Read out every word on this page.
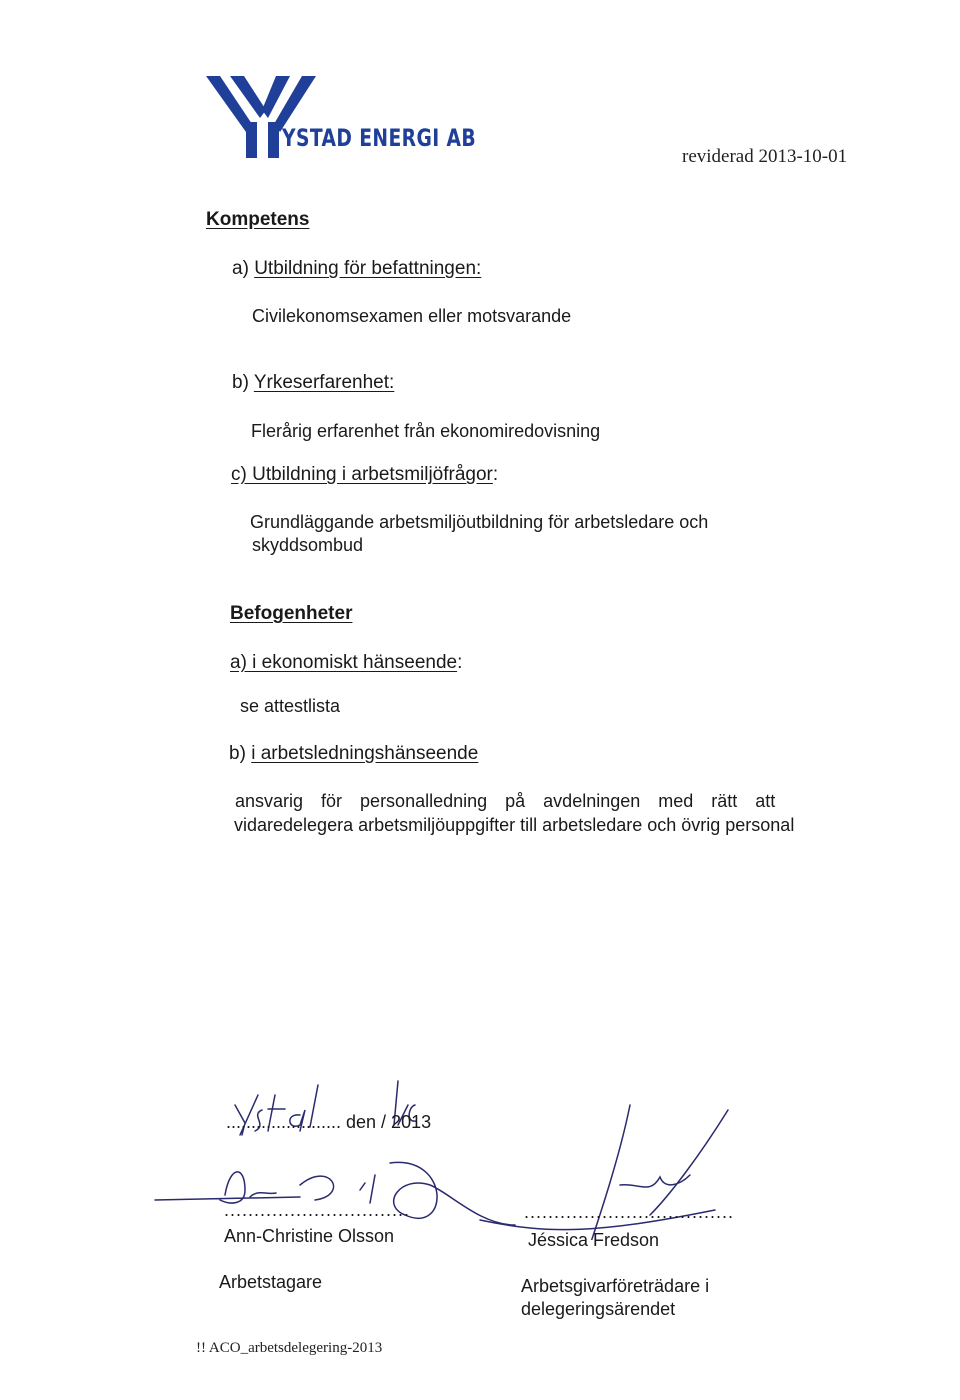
YSTAD ENERGI AB
reviderad 2013-10-01
Kompetens
a) Utbildning för befattningen:
Civilekonomsexamen eller motsvarande
b) Yrkeserfarenhet:
Flerårig erfarenhet från ekonomiredovisning
c) Utbildning i arbetsmiljöfrågor:
Grundläggande arbetsmiljöutbildning för arbetsledare och
skyddsombud
Befogenheter
a) i ekonomiskt hänseende:
se attestlista
b) i arbetsledningshänseende
ansvarig för personalledning på avdelningen med rätt att
vidaredelegera arbetsmiljöuppgifter till arbetsledare och övrig personal
....................... den / 2013
...............................
Ann-Christine Olsson
Arbetstagare
...................................
Jéssica Fredson
Arbetsgivarföreträdare i
delegeringsärendet
!! ACO_arbetsdelegering-2013
